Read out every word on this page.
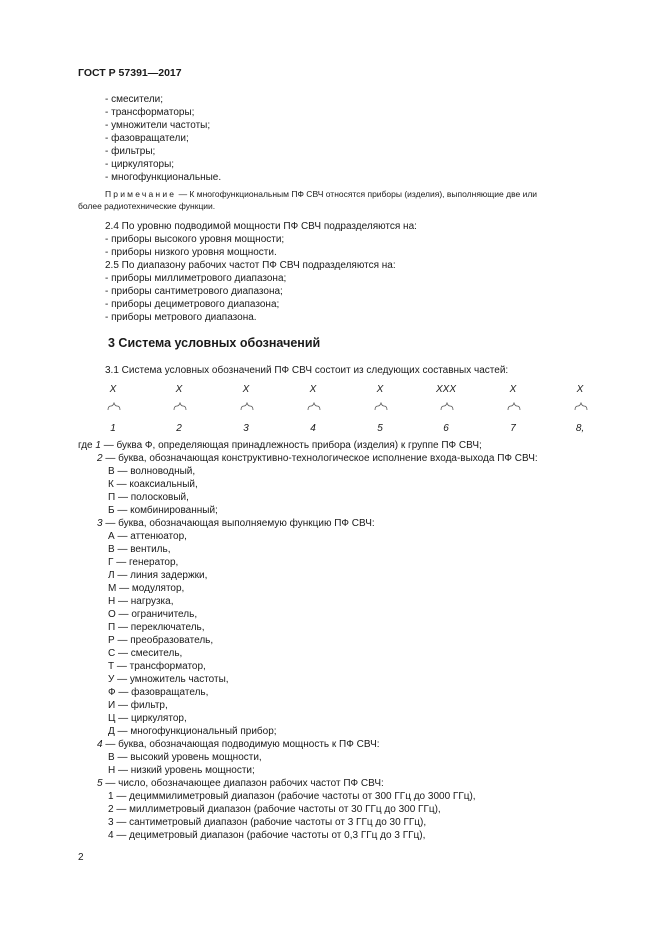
ГОСТ Р 57391—2017
- смесители;
- трансформаторы;
- умножители частоты;
- фазовращатели;
- фильтры;
- циркуляторы;
- многофункциональные.
Примечание — К многофункциональным ПФ СВЧ относятся приборы (изделия), выполняющие две или
более радиотехнические функции.
2.4 По уровню подводимой мощности ПФ СВЧ подразделяются на:
- приборы высокого уровня мощности;
- приборы низкого уровня мощности.
2.5 По диапазону рабочих частот ПФ СВЧ подразделяются на:
- приборы миллиметрового диапазона;
- приборы сантиметрового диапазона;
- приборы дециметрового диапазона;
- приборы метрового диапазона.
3 Система условных обозначений
3.1 Система условных обозначений ПФ СВЧ состоит из следующих составных частей:
X	X	X	X	X	XXX	X	X
1	2	3	4	5	6	7	8,
где 1 — буква Ф, определяющая принадлежность прибора (изделия) к группе ПФ СВЧ;
2 — буква, обозначающая конструктивно-технологическое исполнение входа-выхода ПФ СВЧ:
В — волноводный,
К — коаксиальный,
П — полосковый,
Б — комбинированный;
3 — буква, обозначающая выполняемую функцию ПФ СВЧ:
А — аттенюатор,
В — вентиль,
Г — генератор,
Л — линия задержки,
М — модулятор,
Н — нагрузка,
О — ограничитель,
П — переключатель,
Р — преобразователь,
С — смеситель,
Т — трансформатор,
У — умножитель частоты,
Ф — фазовращатель,
И — фильтр,
Ц — циркулятор,
Д — многофункциональный прибор;
4 — буква, обозначающая подводимую мощность к ПФ СВЧ:
В — высокий уровень мощности,
Н — низкий уровень мощности;
5 — число, обозначающее диапазон рабочих частот ПФ СВЧ:
1 — дециммилиметровый диапазон (рабочие частоты от 300 ГГц до 3000 ГГц),
2 — миллиметровый диапазон (рабочие частоты от 30 ГГц до 300 ГГц),
3 — сантиметровый диапазон (рабочие частоты от 3 ГГц до 30 ГГц),
4 — дециметровый диапазон (рабочие частоты от 0,3 ГГц до 3 ГГц),
2
